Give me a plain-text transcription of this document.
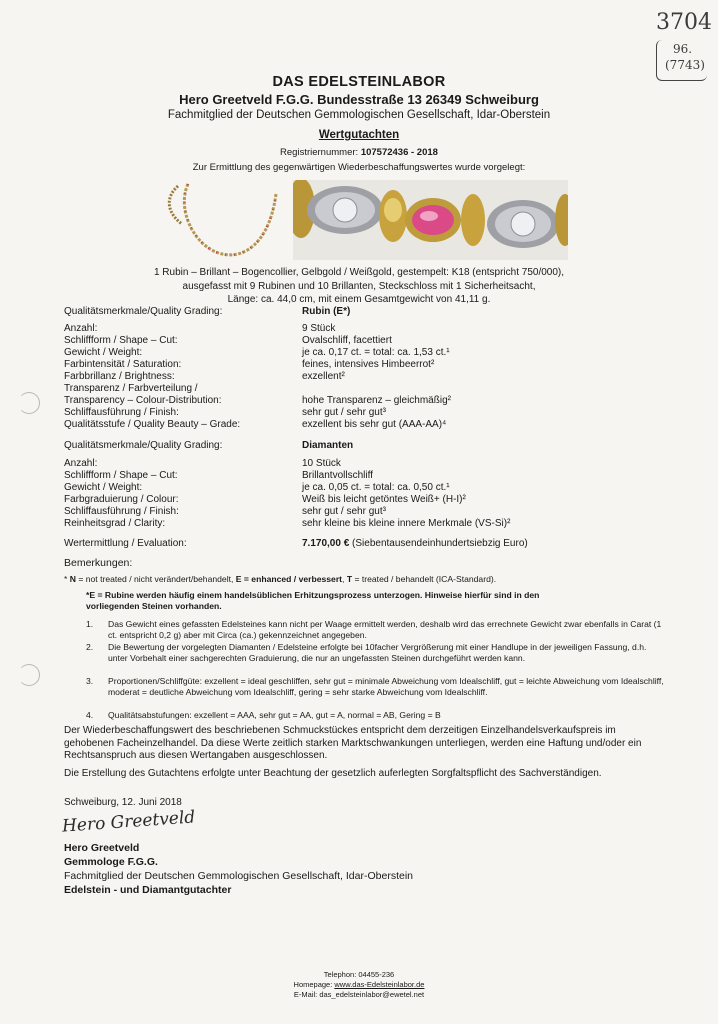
3704
96.
(7743)
DAS EDELSTEINLABOR
Hero Greetveld F.G.G. Bundesstraße 13 26349 Schweiburg
Fachmitglied der Deutschen Gemmologischen Gesellschaft, Idar-Oberstein
Wertgutachten
Registriernummer: 107572436 - 2018
Zur Ermittlung des gegenwärtigen Wiederbeschaffungswertes wurde vorgelegt:
1 Rubin – Brillant – Bogencollier, Gelbgold / Weißgold, gestempelt: K18 (entspricht 750/000),
ausgefasst mit 9 Rubinen und 10 Brillanten, Steckschloss mit 1 Sicherheitsacht,
Länge: ca. 44,0 cm, mit einem Gesamtgewicht von 41,11 g.
Qualitätsmerkmale/Quality Grading:	Rubin (E*)
Anzahl:	9 Stück
Schliffform / Shape – Cut:	Ovalschliff, facettiert
Gewicht / Weight:	je ca. 0,17 ct. = total: ca. 1,53 ct.¹
Farbintensität / Saturation:	feines, intensives Himbeerrot²
Farbbrillanz / Brightness:	exzellent²
Transparenz / Farbverteilung /
Transparency – Colour-Distribution:	hohe Transparenz – gleichmäßig²
Schliffausführung / Finish:	sehr gut / sehr gut³
Qualitätsstufe / Quality Beauty – Grade:	exzellent bis sehr gut (AAA-AA)⁴
Qualitätsmerkmale/Quality Grading:	Diamanten
Anzahl:	10 Stück
Schliffform / Shape – Cut:	Brillantvollschliff
Gewicht / Weight:	je ca. 0,05 ct. = total: ca. 0,50 ct.¹
Farbgraduierung / Colour:	Weiß bis leicht getöntes Weiß+ (H-I)²
Schliffausführung / Finish:	sehr gut / sehr gut³
Reinheitsgrad / Clarity:	sehr kleine bis kleine innere Merkmale (VS-Si)²
Wertermittlung / Evaluation:	7.170,00 € (Siebentausendeinhundertsiebzig Euro)
Bemerkungen:
* N = not treated / nicht verändert/behandelt, E = enhanced / verbessert, T = treated / behandelt (ICA-Standard).
*E = Rubine werden häufig einem handelsüblichen Erhitzungsprozess unterzogen. Hinweise hierfür sind in den
vorliegenden Steinen vorhanden.
1. Das Gewicht eines gefassten Edelsteines kann nicht per Waage ermittelt werden, deshalb wird das errechnete Gewicht zwar ebenfalls in Carat (1 ct. entspricht 0,2 g) aber mit Circa (ca.) gekennzeichnet angegeben.
2. Die Bewertung der vorgelegten Diamanten / Edelsteine erfolgte bei 10facher Vergrößerung mit einer Handlupe in der jeweiligen Fassung, d.h. unter Vorbehalt einer sachgerechten Graduierung, die nur an ungefassten Steinen durchgeführt werden kann.
3. Proportionen/Schliffgüte: exzellent = ideal geschliffen, sehr gut = minimale Abweichung vom Idealschliff, gut = leichte Abweichung vom Idealschliff, moderat = deutliche Abweichung vom Idealschliff, gering = sehr starke Abweichung vom Idealschliff.
4. Qualitätsabstufungen: exzellent = AAA, sehr gut = AA, gut = A, normal = AB, Gering = B
Der Wiederbeschaffungswert des beschriebenen Schmuckstückes entspricht dem derzeitigen Einzelhandelsverkaufspreis im gehobenen Facheinzelhandel. Da diese Werte zeitlich starken Marktschwankungen unterliegen, werden eine Haftung und/oder ein Rechtsanspruch aus diesen Wertangaben ausgeschlossen.
Die Erstellung des Gutachtens erfolgte unter Beachtung der gesetzlich auferlegten Sorgfaltspflicht des Sachverständigen.
Schweiburg, 12. Juni 2018
Hero Greetveld
Hero Greetveld
Gemmologe F.G.G.
Fachmitglied der Deutschen Gemmologischen Gesellschaft, Idar-Oberstein
Edelstein - und Diamantgutachter
Telephon: 04455-236
Homepage: www.das-Edelsteinlabor.de
E-Mail: das_edelsteinlabor@ewetel.net
